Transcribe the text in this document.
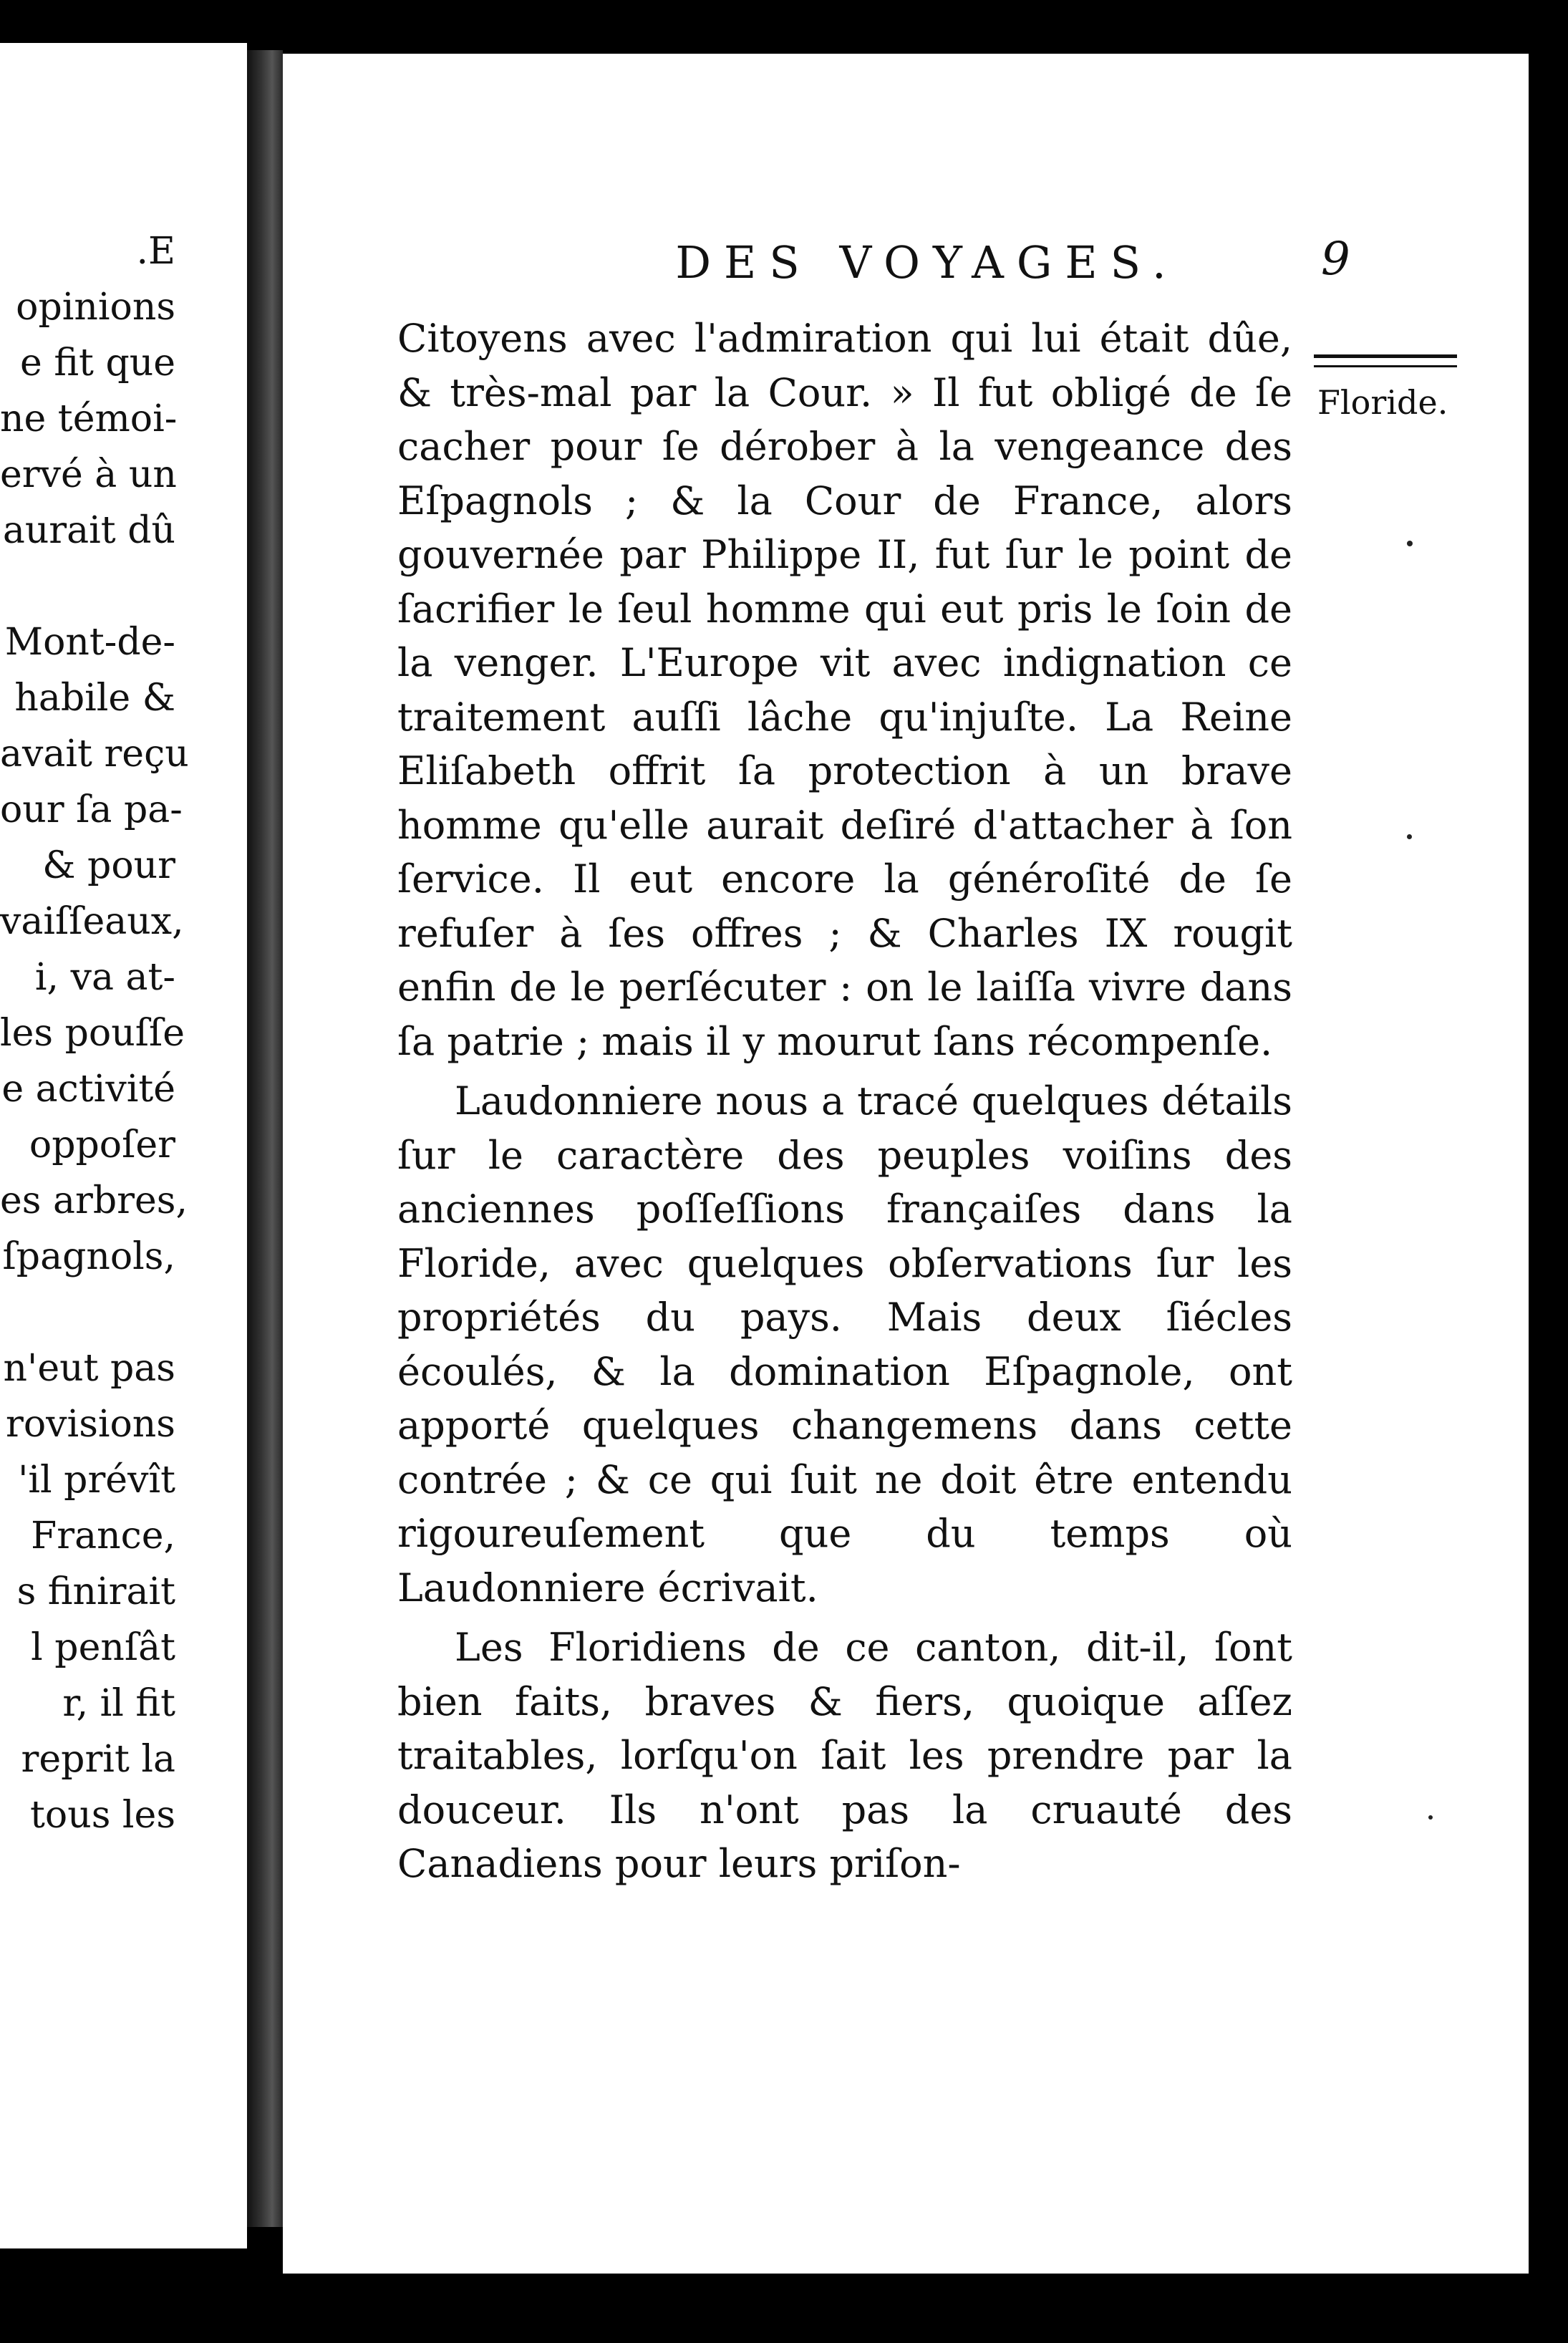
.E
opinions
e fit que
ne témoi-
ervé à un
aurait dû
Mont-de-
habile &
avait reçu
our ſa pa-
& pour
vaiſſeaux,
i, va at-
les pouſſe
e activité
oppoſer
es arbres,
ſpagnols,
n'eut pas
rovisions
'il prévît
France,
s finirait
l penſât
r, il fit
reprit la
tous les
DES VOYAGES.	9
Floride.

Citoyens avec l'admiration qui lui était dûe, & très-mal par la Cour. » Il fut obligé de ſe cacher pour ſe dérober à la vengeance des Eſpagnols ; & la Cour de France, alors gouvernée par Philippe II, fut ſur le point de ſacrifier le ſeul homme qui eut pris le ſoin de la venger. L'Europe vit avec indignation ce traitement auſſi lâche qu'injuſte. La Reine Eliſabeth offrit ſa protection à un brave homme qu'elle aurait deſiré d'attacher à ſon ſervice. Il eut encore la généroſité de ſe refuſer à ſes offres ; & Charles IX rougit enfin de le perſécuter : on le laiſſa vivre dans ſa patrie ; mais il y mourut ſans récompenſe.

Laudonniere nous a tracé quelques détails ſur le caractère des peuples voiſins des anciennes poſſeſſions françaiſes dans la Floride, avec quelques obſervations ſur les propriétés du pays. Mais deux ſiécles écoulés, & la domination Eſpagnole, ont apporté quelques changemens dans cette contrée ; & ce qui ſuit ne doit être entendu rigoureuſement que du temps où Laudonniere écrivait.

Les Floridiens de ce canton, dit-il, ſont bien faits, braves & fiers, quoique aſſez traitables, lorſqu'on ſait les prendre par la douceur. Ils n'ont pas la cruauté des Canadiens pour leurs priſon-
